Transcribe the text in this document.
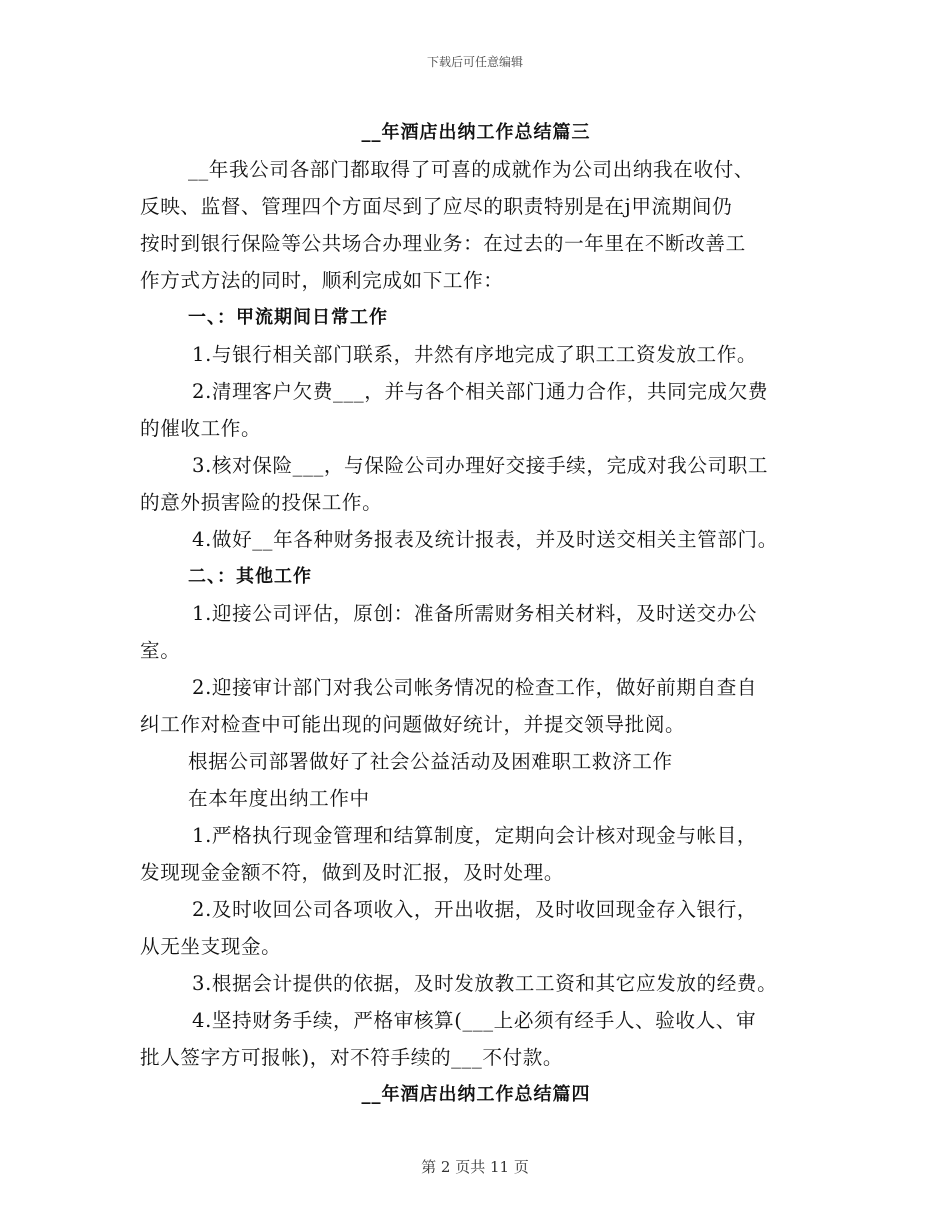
下载后可任意编辑
__年酒店出纳工作总结篇三
__年我公司各部门都取得了可喜的成就作为公司出纳我在收付、
反映、监督、管理四个方面尽到了应尽的职责特别是在j甲流期间仍
按时到银行保险等公共场合办理业务：在过去的一年里在不断改善工
作方式方法的同时，顺利完成如下工作：
一、：甲流期间日常工作
1.与银行相关部门联系，井然有序地完成了职工工资发放工作。
2.清理客户欠费___，并与各个相关部门通力合作，共同完成欠费
的催收工作。
3.核对保险___，与保险公司办理好交接手续，完成对我公司职工
的意外损害险的投保工作。
4.做好__年各种财务报表及统计报表，并及时送交相关主管部门。
二、：其他工作
1.迎接公司评估，原创：准备所需财务相关材料，及时送交办公
室。
2.迎接审计部门对我公司帐务情况的检查工作，做好前期自查自
纠工作对检查中可能出现的问题做好统计，并提交领导批阅。
根据公司部署做好了社会公益活动及困难职工救济工作
在本年度出纳工作中
1.严格执行现金管理和结算制度，定期向会计核对现金与帐目，
发现现金金额不符，做到及时汇报，及时处理。
2.及时收回公司各项收入，开出收据，及时收回现金存入银行，
从无坐支现金。
3.根据会计提供的依据，及时发放教工工资和其它应发放的经费。
4.坚持财务手续，严格审核算(___上必须有经手人、验收人、审
批人签字方可报帐)，对不符手续的___不付款。
__年酒店出纳工作总结篇四
第 2 页共 11 页
